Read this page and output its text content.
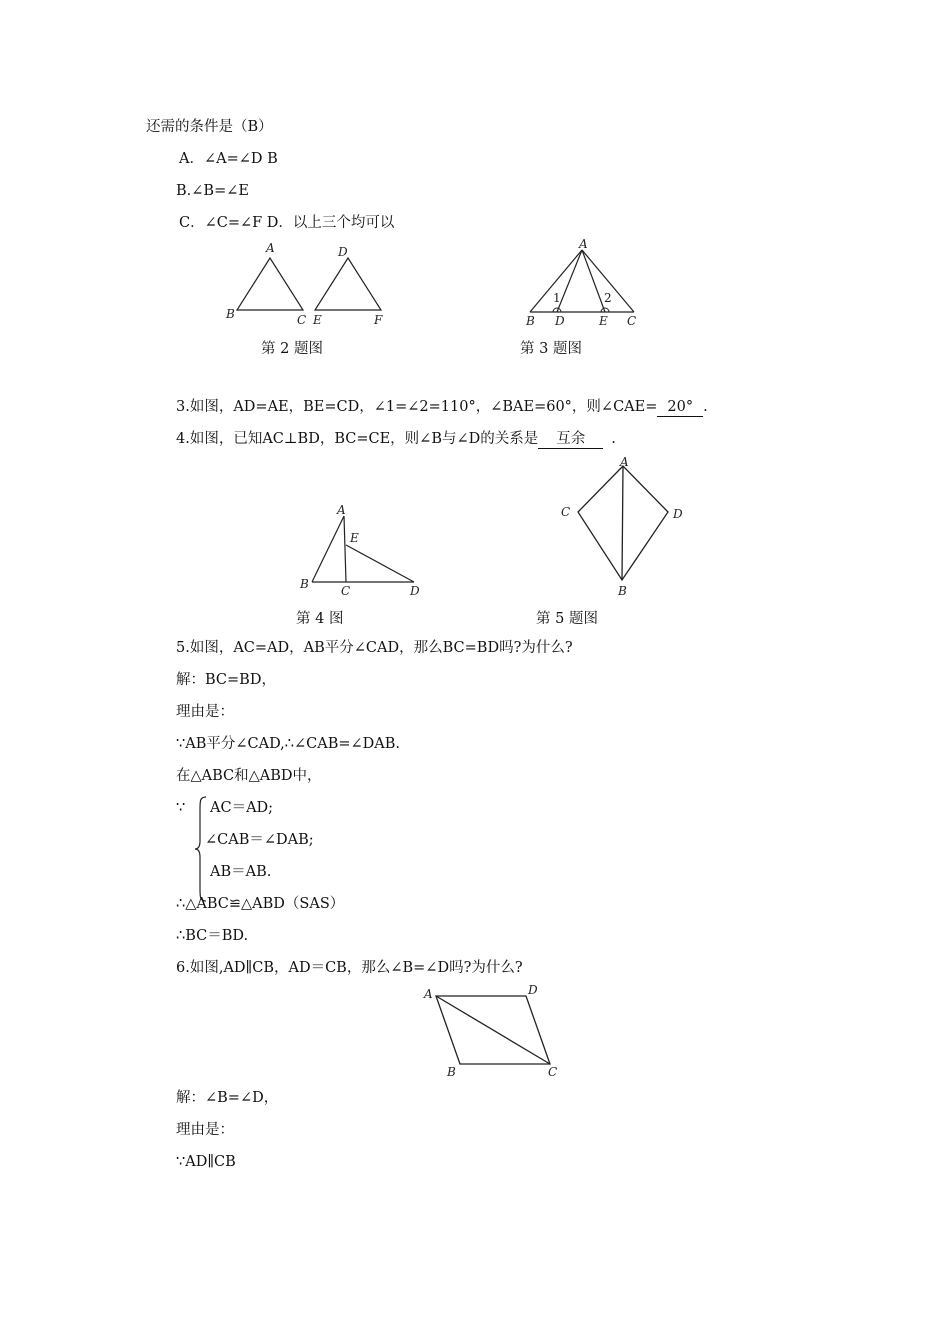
还需的条件是（B）
A．∠A=∠D B
B.∠B=∠E
C．∠C=∠F D．以上三个均可以
A
B	C
D
E	F
第 2 题图
A
B D	E C
1	2
第 3 题图
3.如图，AD=AE，BE=CD，∠1=∠2=110°，∠BAE=60°，则∠CAE= 20° .
4.如图，已知AC⊥BD，BC=CE，则∠B与∠D的关系是 互余 .
A
E
B	C	D
第 4 图
A
C	D
B
第 5 题图
5.如图，AC=AD，AB平分∠CAD，那么BC=BD吗?为什么?
解：BC=BD，
理由是：
∵AB平分∠CAD,∴∠CAB=∠DAB.
在△ABC和△ABD中，
∵ AC＝AD;
∠CAB＝∠DAB;
AB＝AB.
∴△ABC≌△ABD（SAS）
∴BC＝BD.
6.如图,AD∥CB，AD＝CB，那么∠B=∠D吗?为什么?
A	D
B	C
解：∠B=∠D，
理由是：
∵AD∥CB
